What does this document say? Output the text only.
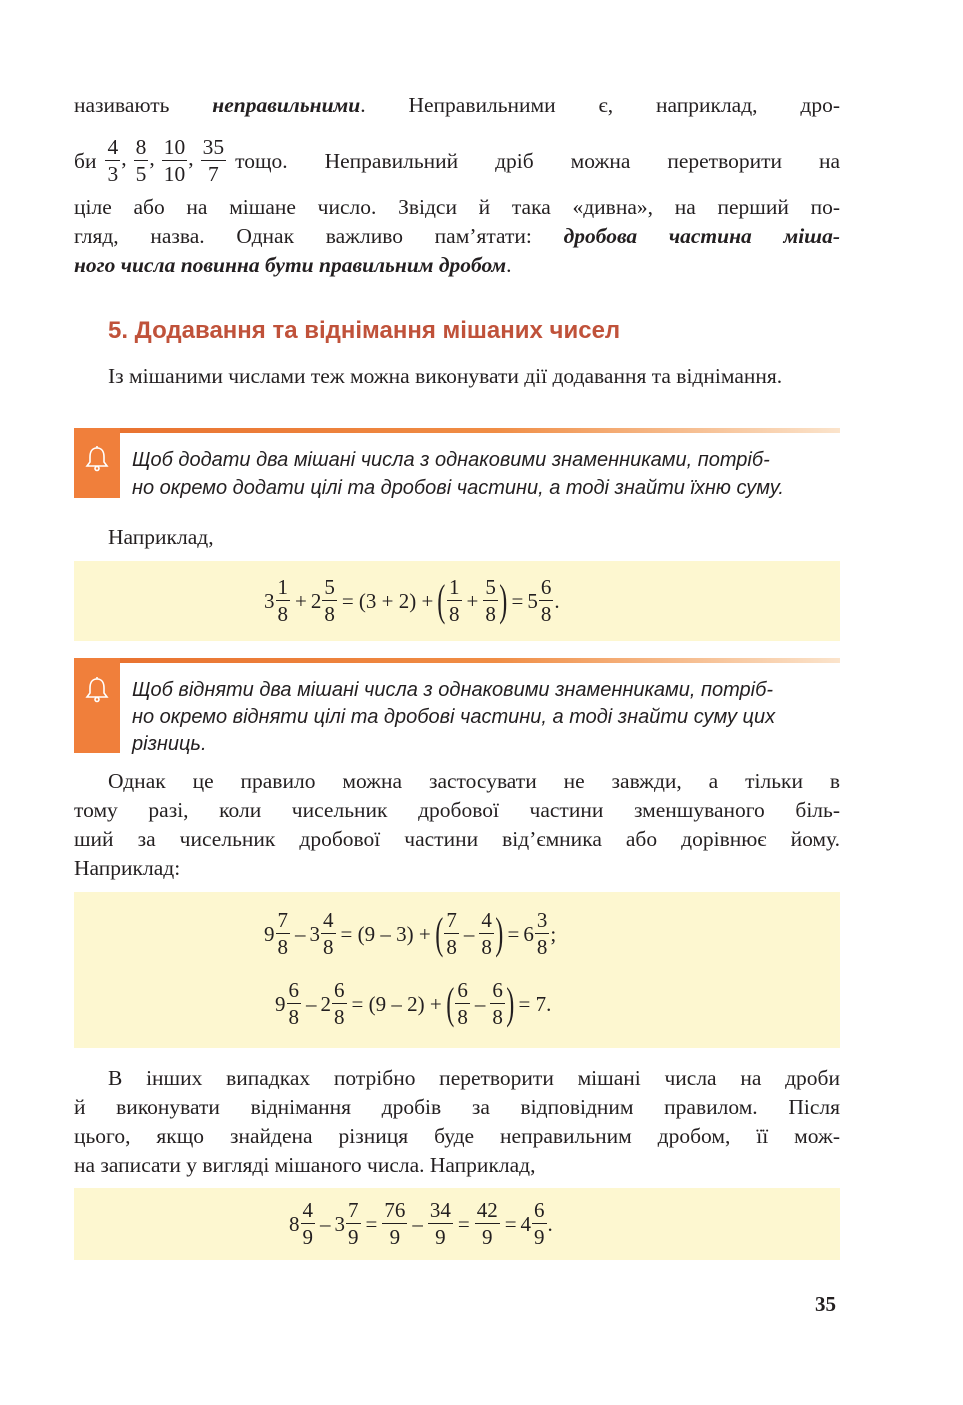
називають неправильними. Неправильними є, наприклад, дро-
би $\frac{4}{3}$ , $\frac{8}{5}$ , $\frac{10}{10}$ , $\frac{35}{7}$ тощо. Неправильний дріб можна перетворити на
ціле або на мішане число. Звідси й така «дивна», на перший по-
гляд, назва. Однак важливо пам’ятати: дробова частина міша-
ного числа повинна бути правильним дробом.
5. Додавання та віднімання мішаних чисел
Із мішаними числами теж можна виконувати дії додавання та віднімання.
Щоб додати два мішані числа з однаковими знаменниками, потріб-
но окремо додати цілі та дробові частини, а тоді знайти їхню суму.
Наприклад,
$3 \frac{1}{8} + 2 \frac{5}{8} = (3 + 2)$ + ( $\frac{1}{8} + \frac{5}{8}$ ) = $5 \frac{6}{8}$ .
Щоб відняти два мішані числа з однаковими знаменниками, потріб-
но окремо відняти цілі та дробові частини, а тоді знайти суму цих
різниць.
Однак це правило можна застосувати не завжди, а тільки в
тому разі, коли чисельник дробової частини зменшуваного біль-
ший за чисельник дробової частини від’ємника або дорівнює йому.
Наприклад:
$9 \frac{7}{8} - 3 \frac{4}{8} = (9 - 3)$ + ( $\frac{7}{8} - \frac{4}{8}$ ) = $6 \frac{3}{8}$ ;
$9 \frac{6}{8} - 2 \frac{6}{8} = (9 - 2)$ + ( $\frac{6}{8} - \frac{6}{8}$ ) = 7.
В інших випадках потрібно перетворити мішані числа на дроби
й виконувати віднімання дробів за відповідним правилом. Після
цього, якщо знайдена різниця буде неправильним дробом, її мож-
на записати у вигляді мішаного числа. Наприклад,
$8 \frac{4}{9} - 3 \frac{7}{9} = \frac{76}{9} - \frac{34}{9} = \frac{42}{9} = 4 \frac{6}{9}$ .
35
